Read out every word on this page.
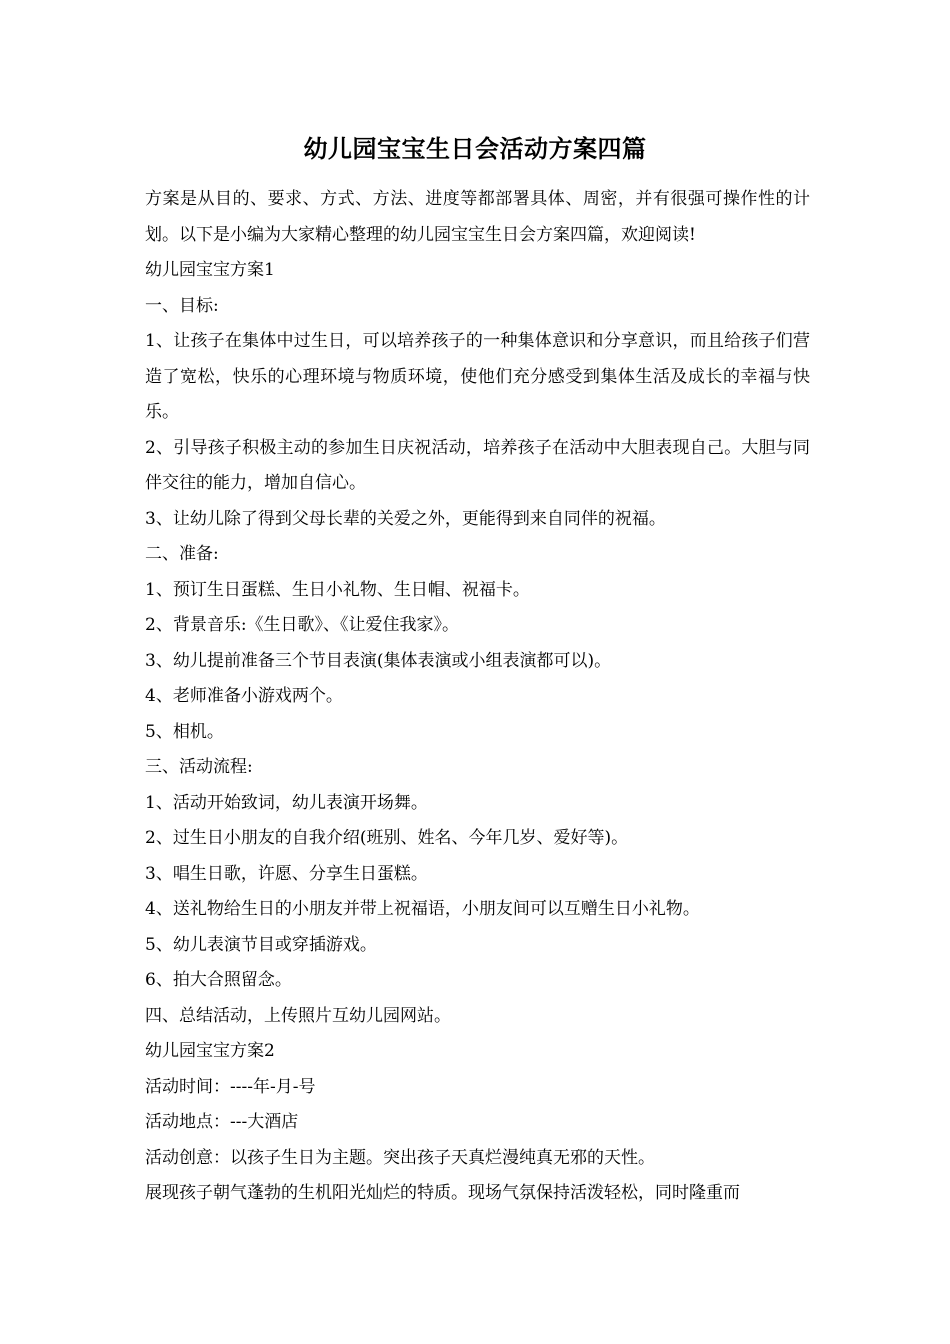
幼儿园宝宝生日会活动方案四篇

方案是从目的、要求、方式、方法、进度等都部署具体、周密，并有很强可操作性的计划。以下是小编为大家精心整理的幼儿园宝宝生日会方案四篇，欢迎阅读!

幼儿园宝宝方案1

一、目标:

1、让孩子在集体中过生日，可以培养孩子的一种集体意识和分享意识，而且给孩子们营造了宽松，快乐的心理环境与物质环境，使他们充分感受到集体生活及成长的幸福与快乐。

2、引导孩子积极主动的参加生日庆祝活动，培养孩子在活动中大胆表现自己。大胆与同伴交往的能力，增加自信心。

3、让幼儿除了得到父母长辈的关爱之外，更能得到来自同伴的祝福。

二、准备:

1、预订生日蛋糕、生日小礼物、生日帽、祝福卡。

2、背景音乐:《生日歌》、《让爱住我家》。

3、幼儿提前准备三个节目表演(集体表演或小组表演都可以)。

4、老师准备小游戏两个。

5、相机。

三、活动流程:

1、活动开始致词，幼儿表演开场舞。

2、过生日小朋友的自我介绍(班别、姓名、今年几岁、爱好等)。

3、唱生日歌，许愿、分享生日蛋糕。

4、送礼物给生日的小朋友并带上祝福语，小朋友间可以互赠生日小礼物。

5、幼儿表演节目或穿插游戏。

6、拍大合照留念。

四、总结活动，上传照片互幼儿园网站。

幼儿园宝宝方案2

活动时间：----年-月-号

活动地点：---大酒店

活动创意：以孩子生日为主题。突出孩子天真烂漫纯真无邪的天性。

展现孩子朝气蓬勃的生机阳光灿烂的特质。现场气氛保持活泼轻松，同时隆重而
